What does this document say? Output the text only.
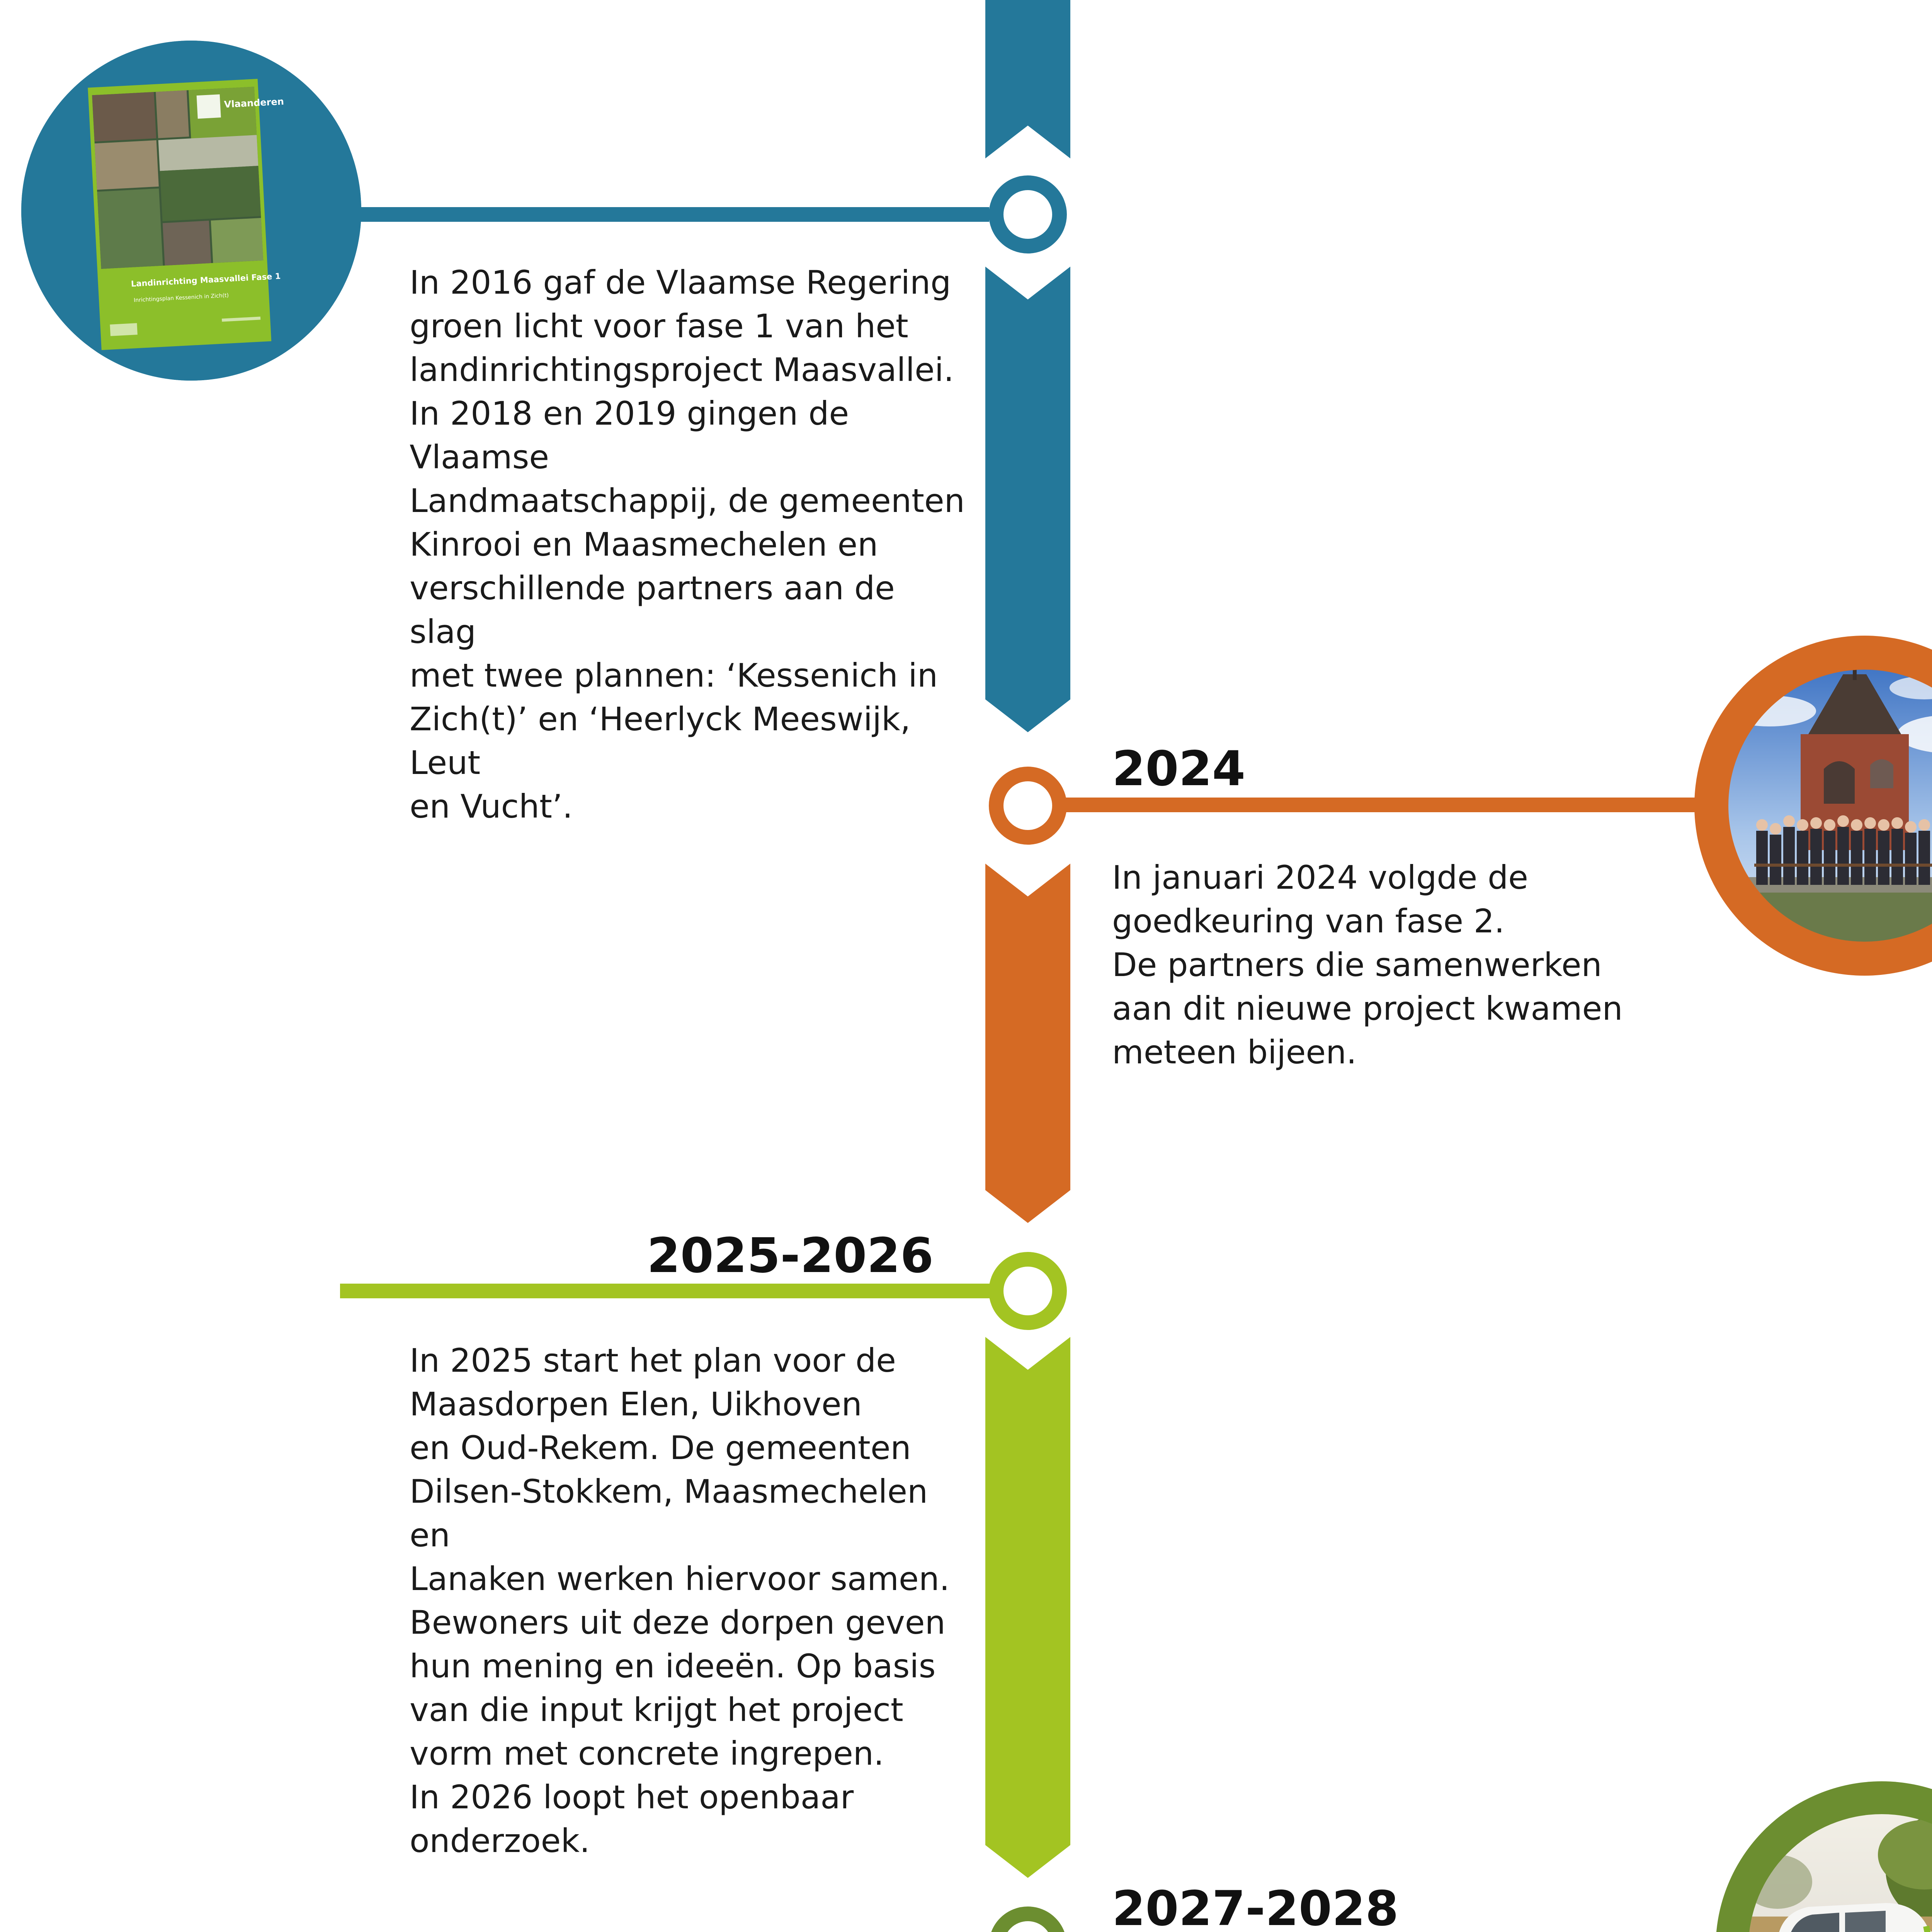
Vlaanderen
Landinrichting Maasvallei Fase 1
Inrichtingsplan Kessenich in Zich(t)	In 2016 gaf de Vlaamse Regering
groen licht voor fase 1 van het
landinrichtingsproject Maasvallei.
In 2018 en 2019 gingen de Vlaamse
Landmaatschappij, de gemeenten
Kinrooi en Maasmechelen en
verschillende partners aan de slag
met twee plannen: ‘Kessenich in
Zich(t)’ en ‘Heerlyck Meeswijk, Leut
en Vucht’.

2024

In januari 2024 volgde de
goedkeuring van fase 2.
De partners die samenwerken
aan dit nieuwe project kwamen
meteen bijeen.

2025-2026

In 2025 start het plan voor de
Maasdorpen Elen, Uikhoven
en Oud-Rekem. De gemeenten
Dilsen-Stokkem, Maasmechelen en
Lanaken werken hiervoor samen.
Bewoners uit deze dorpen geven
hun mening en ideeën. Op basis
van die input krijgt het project
vorm met concrete ingrepen.
In 2026 loopt het openbaar
onderzoek.

2027-2028
